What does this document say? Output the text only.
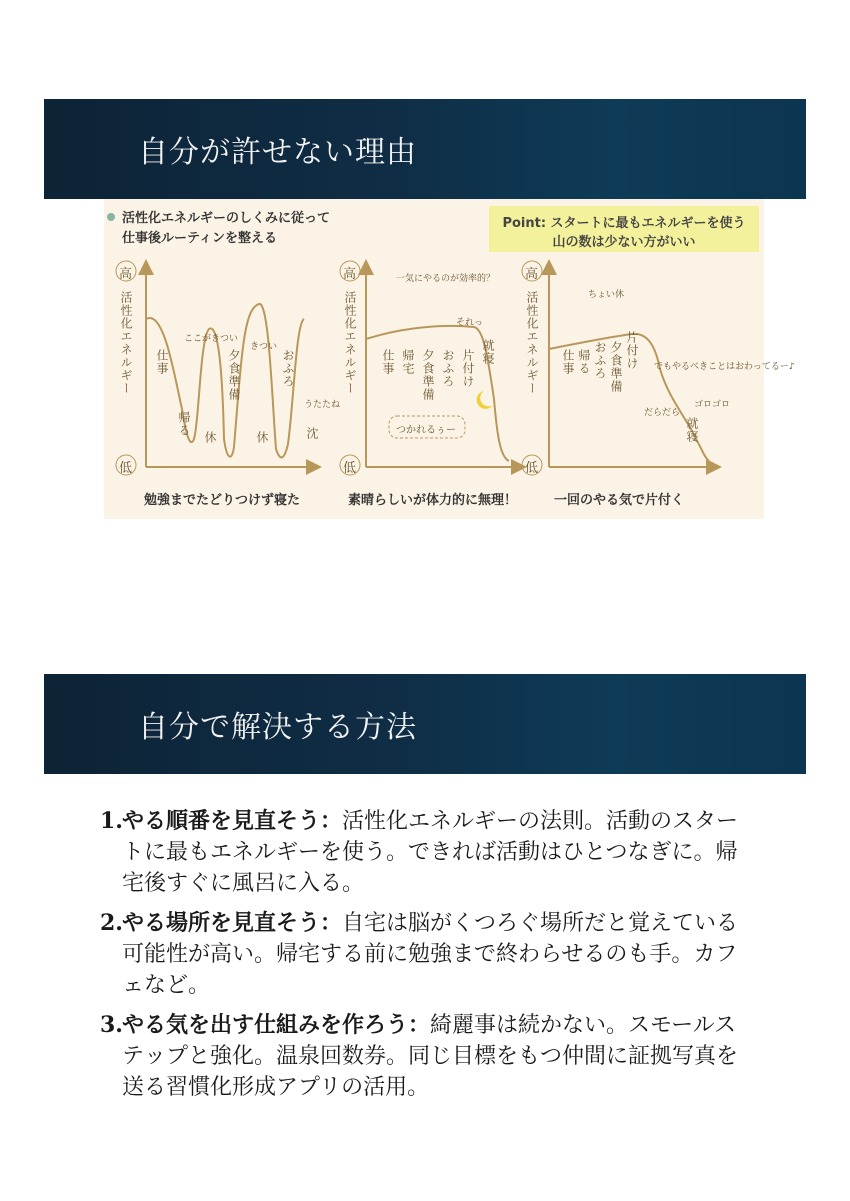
自分が許せない理由
活性化エネルギーのしくみに従って
仕事後ルーティンを整える
Point: スタートに最もエネルギーを使う
山の数は少ない方がいい
高
低
高
低
高
低
活性化エネルギー	活性化エネルギー	活性化エネルギー
仕事
帰る
休
夕食準備
休
おふろ
沈
ここがきつい
きつい
うたたね
仕事 帰宅 夕食準備 おふろ 片付け 就寝
一気にやるのが効率的？
それっ
つかれるぅー
仕事 帰る おふろ 夕食準備 片付け
就寝
ちょい休
でもやるべきことはおわってるー♪
だらだら
ゴロゴロ
勉強までたどりつけず寝た	素晴らしいが体力的に無理！	一回のやる気で片付く
自分で解決する方法
1. やる順番を見直そう：活性化エネルギーの法則。活動のスタートに最もエネルギーを使う。できれば活動はひとつなぎに。帰宅後すぐに風呂に入る。
2. やる場所を見直そう：自宅は脳がくつろぐ場所だと覚えている可能性が高い。帰宅する前に勉強まで終わらせるのも手。カフェなど。
3. やる気を出す仕組みを作ろう：綺麗事は続かない。スモールステップと強化。温泉回数券。同じ目標をもつ仲間に証拠写真を送る習慣化形成アプリの活用。
